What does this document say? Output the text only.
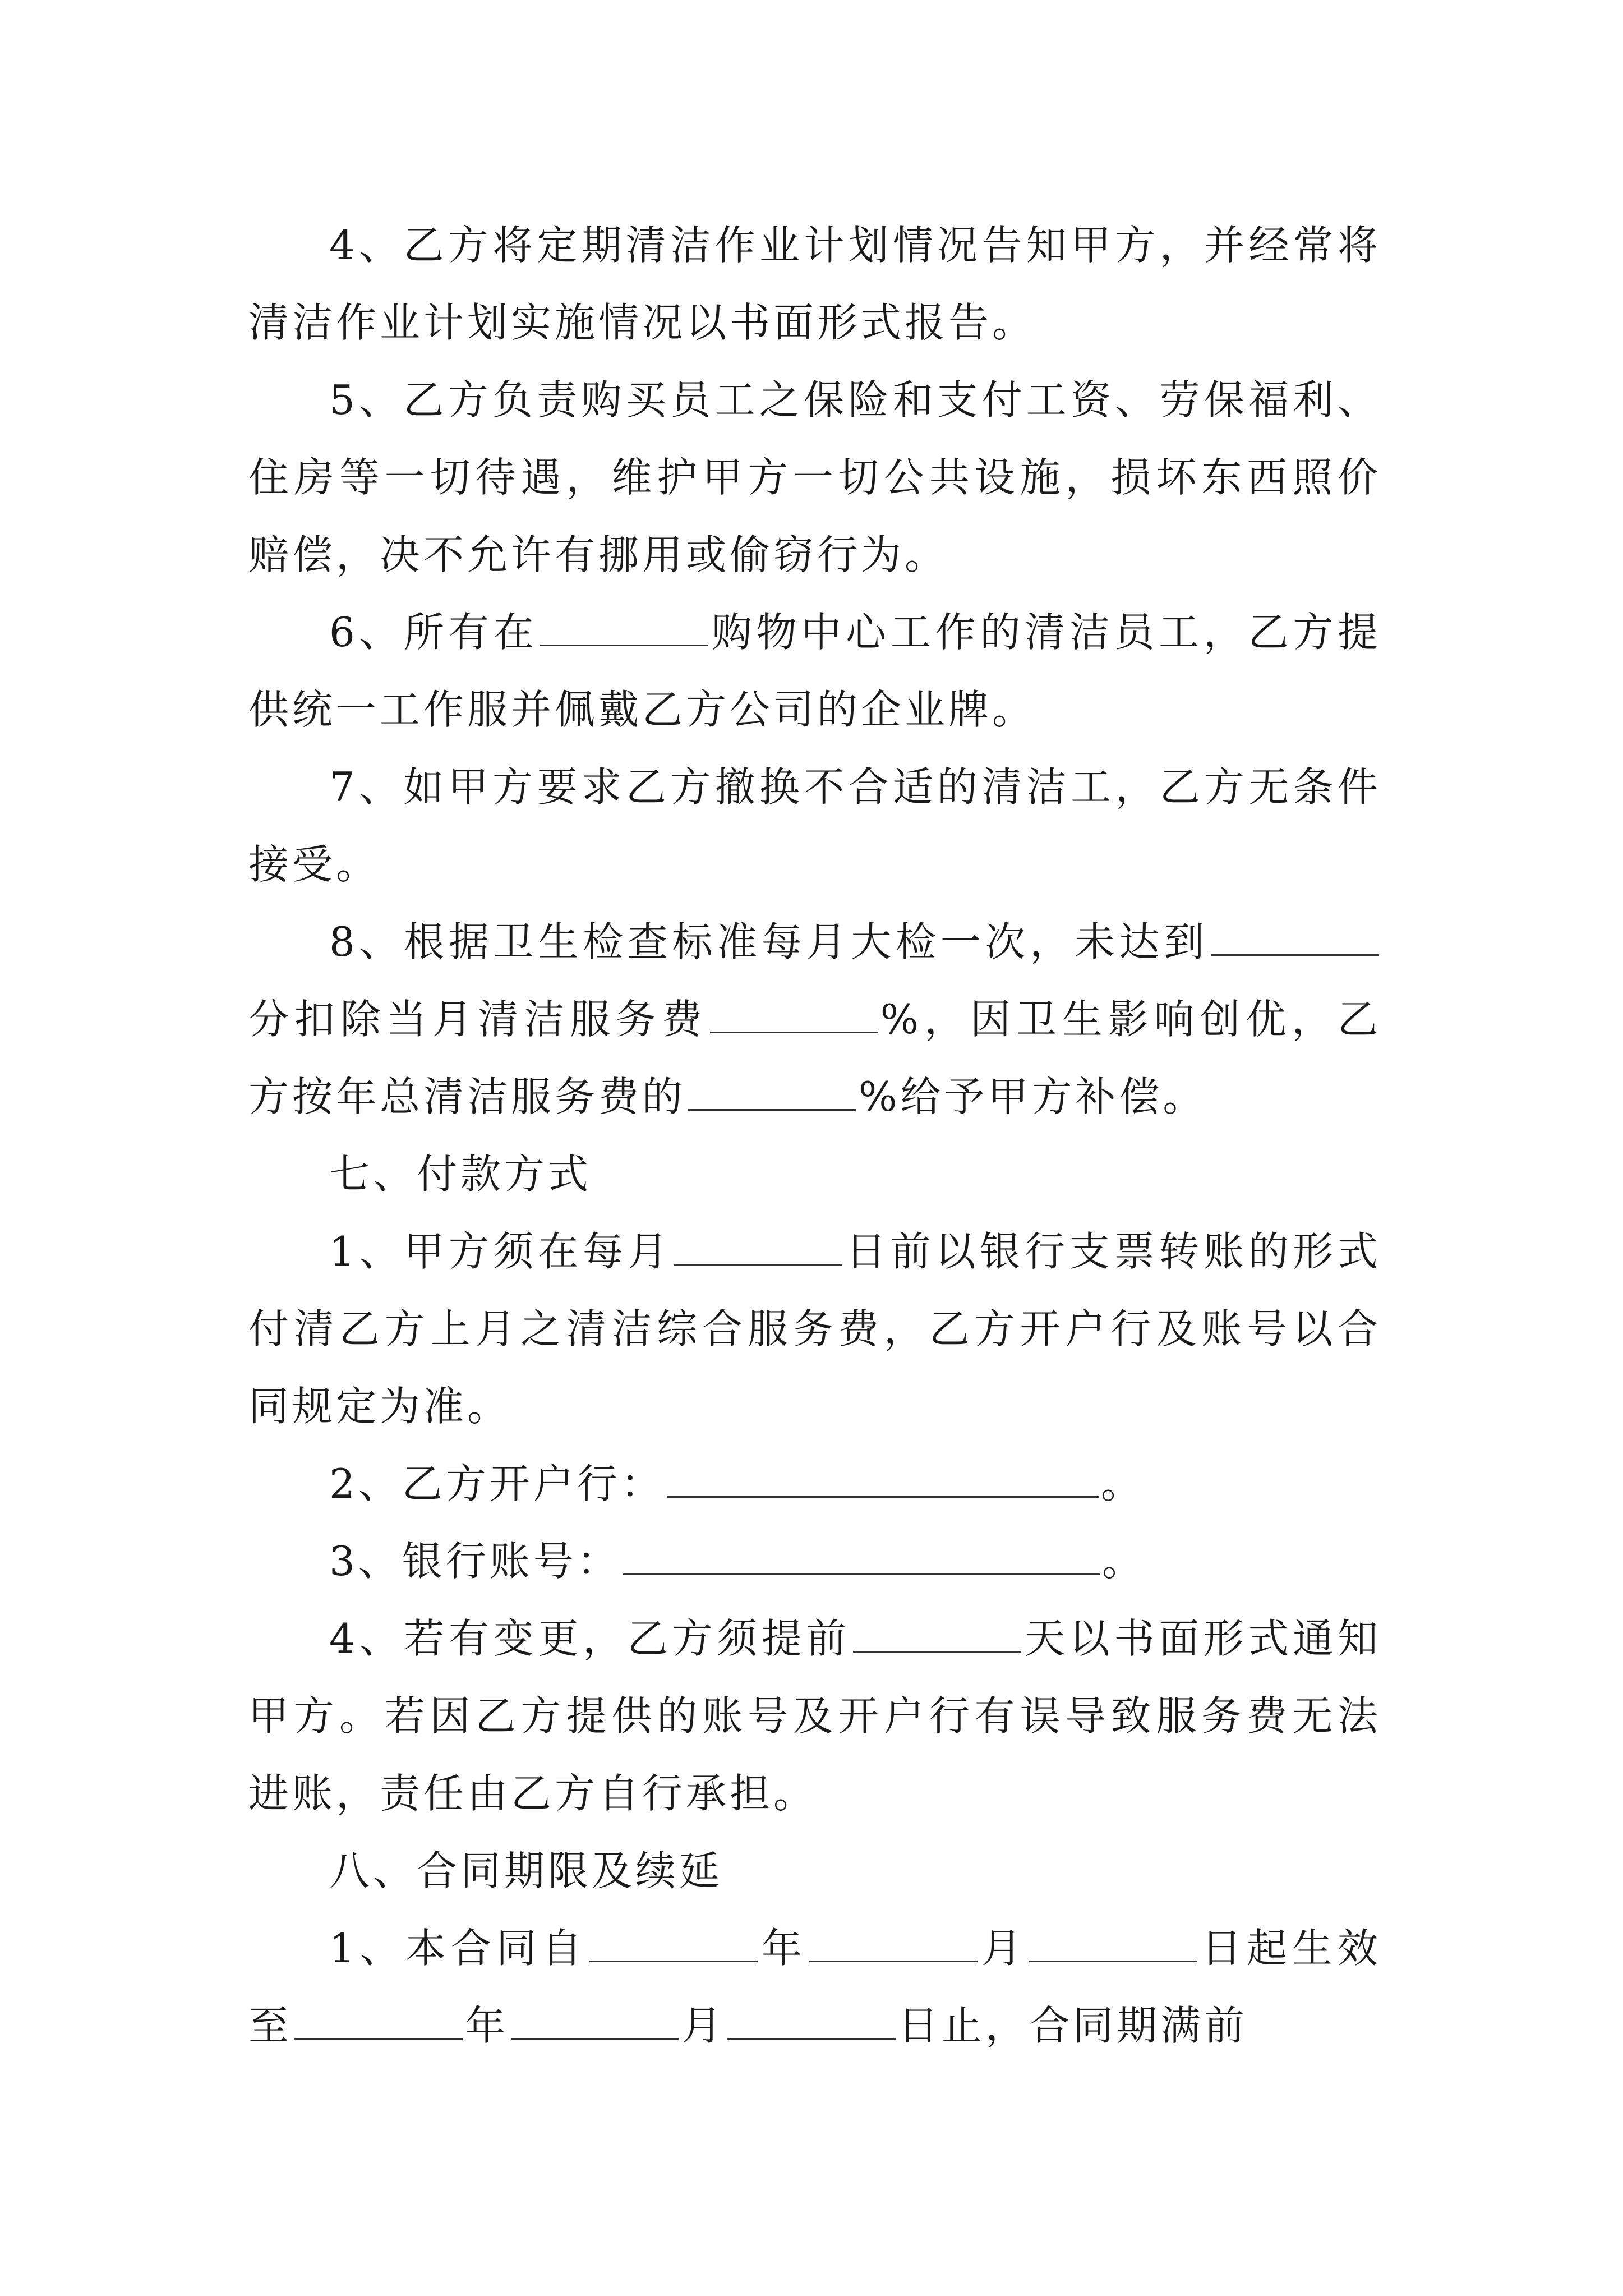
4、乙方将定期清洁作业计划情况告知甲方，并经常将清洁作业计划实施情况以书面形式报告。

5、乙方负责购买员工之保险和支付工资、劳保福利、住房等一切待遇，维护甲方一切公共设施，损坏东西照价赔偿，决不允许有挪用或偷窃行为。

6、所有在	购物中心工作的清洁员工，乙方提供统一工作服并佩戴乙方公司的企业牌。

7、如甲方要求乙方撤换不合适的清洁工，乙方无条件接受。

8、根据卫生检查标准每月大检一次，未达到分扣除当月清洁服务费	%，因卫生影响创优，乙方按年总清洁服务费的	%给予甲方补偿。

七、付款方式

1、甲方须在每月	日前以银行支票转账的形式付清乙方上月之清洁综合服务费，乙方开户行及账号以合同规定为准。

2、乙方开户行：	。

3、银行账号：	。

4、若有变更，乙方须提前	天以书面形式通知甲方。若因乙方提供的账号及开户行有误导致服务费无法进账，责任由乙方自行承担。

八、合同期限及续延

1、本合同自	年	月	日起生效至	年	月	日止，合同期满前
